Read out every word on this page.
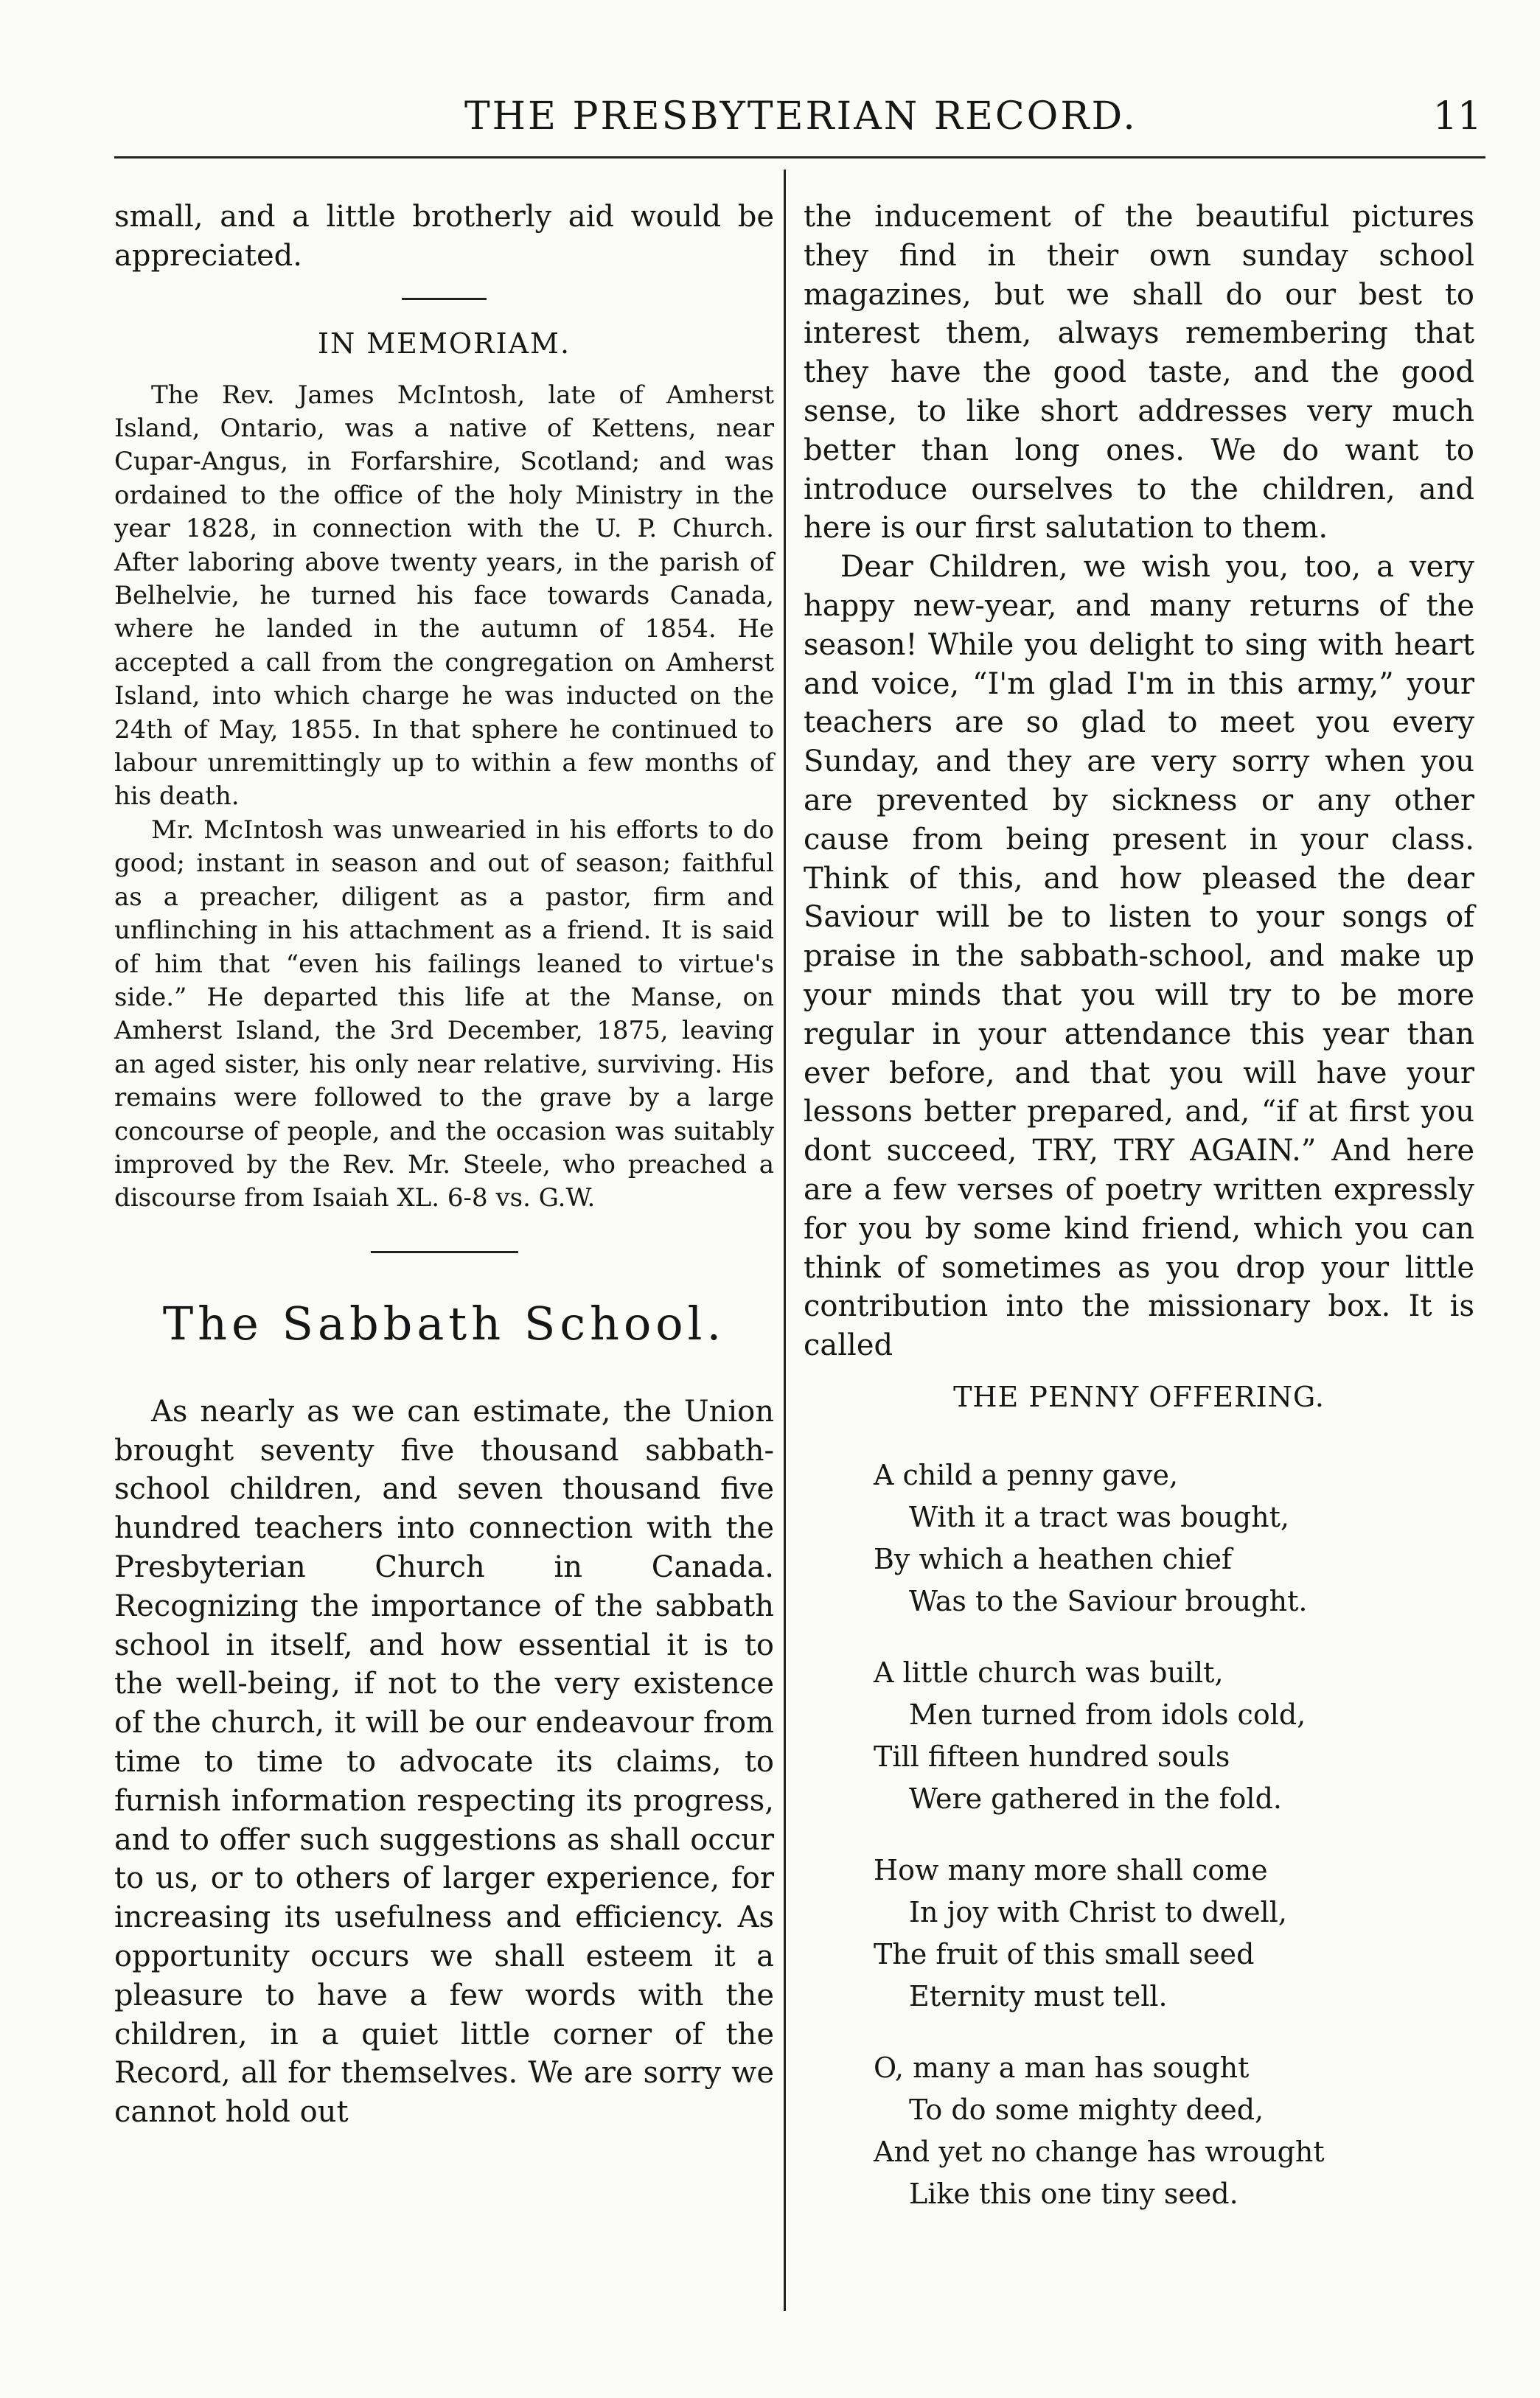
THE PRESBYTERIAN RECORD.	11

small, and a little brotherly aid would be appreciated.

IN MEMORIAM.

The Rev. James McIntosh, late of Amherst Island, Ontario, was a native of Kettens, near Cupar-Angus, in Forfarshire, Scotland; and was ordained to the office of the holy Ministry in the year 1828, in connection with the U. P. Church. After laboring above twenty years, in the parish of Belhelvie, he turned his face towards Canada, where he landed in the autumn of 1854. He accepted a call from the congregation on Amherst Island, into which charge he was inducted on the 24th of May, 1855. In that sphere he continued to labour unremittingly up to within a few months of his death.

Mr. McIntosh was unwearied in his efforts to do good; instant in season and out of season; faithful as a preacher, diligent as a pastor, firm and unflinching in his attachment as a friend. It is said of him that “even his failings leaned to virtue's side.” He departed this life at the Manse, on Amherst Island, the 3rd December, 1875, leaving an aged sister, his only near relative, surviving. His remains were followed to the grave by a large concourse of people, and the occasion was suitably improved by the Rev. Mr. Steele, who preached a discourse from Isaiah XL. 6-8 vs. G.W.

The Sabbath School.

As nearly as we can estimate, the Union brought seventy five thousand sabbath-school children, and seven thousand five hundred teachers into connection with the Presbyterian Church in Canada. Recognizing the importance of the sabbath school in itself, and how essential it is to the well-being, if not to the very existence of the church, it will be our endeavour from time to time to advocate its claims, to furnish information respecting its progress, and to offer such suggestions as shall occur to us, or to others of larger experience, for increasing its usefulness and efficiency. As opportunity occurs we shall esteem it a pleasure to have a few words with the children, in a quiet little corner of the Record, all for themselves. We are sorry we cannot hold out

the inducement of the beautiful pictures they find in their own sunday school magazines, but we shall do our best to interest them, always remembering that they have the good taste, and the good sense, to like short addresses very much better than long ones. We do want to introduce ourselves to the children, and here is our first salutation to them.

Dear Children, we wish you, too, a very happy new-year, and many returns of the season! While you delight to sing with heart and voice, “I'm glad I'm in this army,” your teachers are so glad to meet you every Sunday, and they are very sorry when you are prevented by sickness or any other cause from being present in your class. Think of this, and how pleased the dear Saviour will be to listen to your songs of praise in the sabbath-school, and make up your minds that you will try to be more regular in your attendance this year than ever before, and that you will have your lessons better prepared, and, “if at first you dont succeed, TRY, TRY AGAIN.” And here are a few verses of poetry written expressly for you by some kind friend, which you can think of sometimes as you drop your little contribution into the missionary box. It is called

THE PENNY OFFERING.

A child a penny gave,
With it a tract was bought,
By which a heathen chief
Was to the Saviour brought.
A little church was built,
Men turned from idols cold,
Till fifteen hundred souls
Were gathered in the fold.
How many more shall come
In joy with Christ to dwell,
The fruit of this small seed
Eternity must tell.
O, many a man has sought
To do some mighty deed,
And yet no change has wrought
Like this one tiny seed.
